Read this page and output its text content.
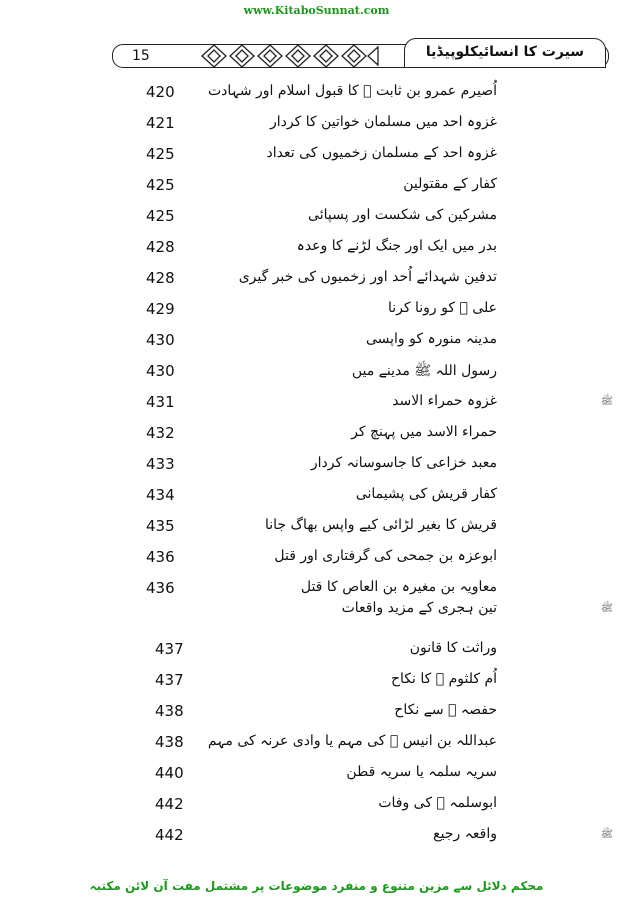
www.KitaboSunnat.com
15	سیرت کا انسائیکلوپیڈیا
اُصیرم عمرو بن ثابت ﷛ کا قبول اسلام اور شہادت
420
غزوہ احد میں مسلمان خواتین کا کردار
421
غزوہ احد کے مسلمان زخمیوں کی تعداد
425
کفار کے مقتولین
425
مشرکین کی شکست اور پسپائی
425
بدر میں ایک اور جنگ لڑنے کا وعدہ
428
تدفین شہدائے اُحد اور زخمیوں کی خبر گیری
428
علی ﷛ کو رونا کرنا
429
مدینہ منورہ کو واپسی
430
رسول اللہ ﷺ مدینے میں
430
ﷺ
غزوہ حمراء الاسد
431
حمراء الاسد میں پہنچ کر
432
معبد خزاعی کا جاسوسانہ کردار
433
کفار قریش کی پشیمانی
434
قریش کا بغیر لڑائی کیے واپس بھاگ جانا
435
ابوعزہ بن جمحی کی گرفتاری اور قتل
436
معاویہ بن مغیرہ بن العاص کا قتل
436
ﷺ
تین ہجری کے مزید واقعات
وراثت کا قانون
437
اُم کلثوم ﷝ کا نکاح
437
حفصہ ﷝ سے نکاح
438
عبداللہ بن انیس ﷛ کی مہم یا وادی عرنہ کی مہم
438
سریہ سلمہ یا سریہ قطن
440
ابوسلمہ ﷛ کی وفات
442
ﷺ
واقعہ رجیع
442
محکم دلائل سے مزین متنوع و منفرد موضوعات پر مشتمل مفت آن لائن مکتبہ
